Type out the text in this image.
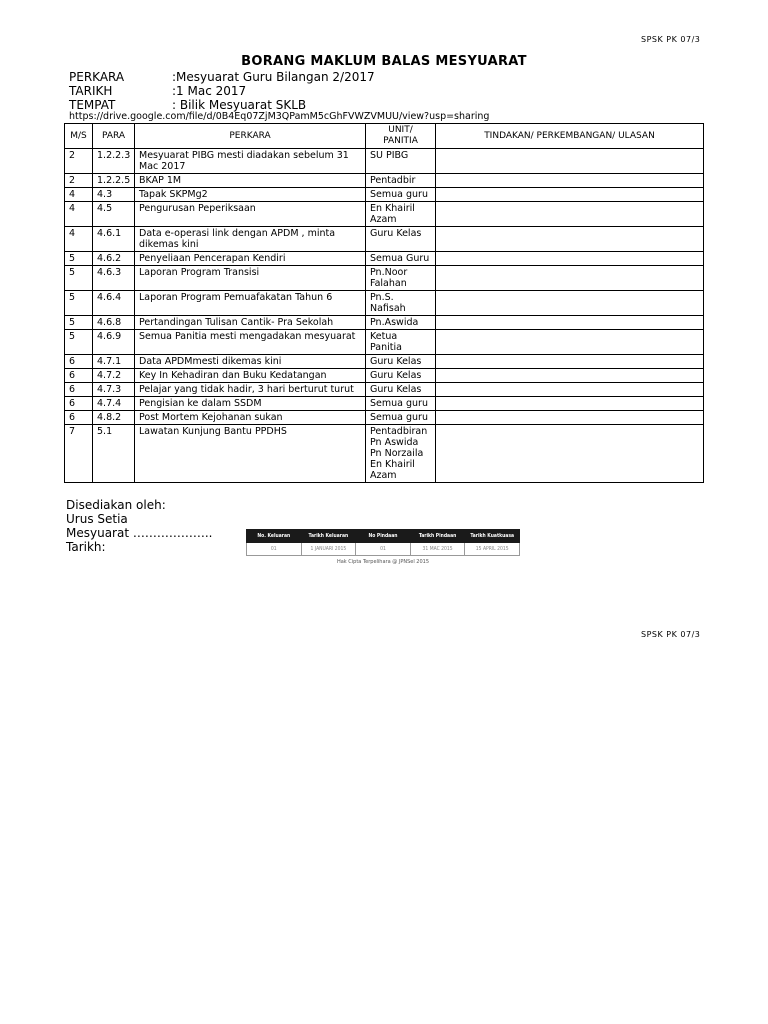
SPSK PK 07/3
BORANG MAKLUM BALAS MESYUARAT
PERKARA	:Mesyuarat Guru Bilangan 2/2017
TARIKH	:1 Mac 2017
TEMPAT	: Bilik Mesyuarat SKLB
https://drive.google.com/file/d/0B4Eq07ZjM3QPamM5cGhFVWZVMUU/view?usp=sharing
M/S	PARA	PERKARA	UNIT/ PANITIA	TINDAKAN/ PERKEMBANGAN/ ULASAN
2	1.2.2.3	Mesyuarat PIBG mesti diadakan sebelum 31 Mac 2017	SU PIBG	
2	1.2.2.5	BKAP 1M	Pentadbir	
4	4.3	Tapak SKPMg2	Semua guru	
4	4.5	Pengurusan Peperiksaan	En Khairil Azam	
4	4.6.1	Data e-operasi link dengan APDM , minta dikemas kini	Guru Kelas	
5	4.6.2	Penyeliaan Pencerapan Kendiri	Semua Guru	
5	4.6.3	Laporan Program Transisi	Pn.Noor Falahan	
5	4.6.4	Laporan Program Pemuafakatan Tahun 6	Pn.S. Nafisah	
5	4.6.8	Pertandingan Tulisan Cantik- Pra Sekolah	Pn.Aswida	
5	4.6.9	Semua Panitia mesti mengadakan mesyuarat	Ketua Panitia	
6	4.7.1	Data APDMmesti dikemas kini	Guru Kelas	
6	4.7.2	Key In Kehadiran dan Buku Kedatangan	Guru Kelas	
6	4.7.3	Pelajar yang tidak hadir, 3 hari berturut turut	Guru Kelas	
6	4.7.4	Pengisian ke dalam SSDM	Semua guru	
6	4.8.2	Post Mortem Kejohanan sukan	Semua guru	
7	5.1	Lawatan Kunjung Bantu PPDHS	Pentadbiran Pn Aswida Pn Norzaila En Khairil Azam	
Disediakan oleh:
Urus Setia
Mesyuarat ………………..
Tarikh:
No. Keluaran	Tarikh Keluaran	No Pindaan	Tarikh Pindaan	Tarikh Kuatkuasa
01	1 JANUARI 2015	01	31 MAC 2015	15 APRIL 2015
Hak Cipta Terpelihara @ JPNSel 2015
SPSK PK 07/3
